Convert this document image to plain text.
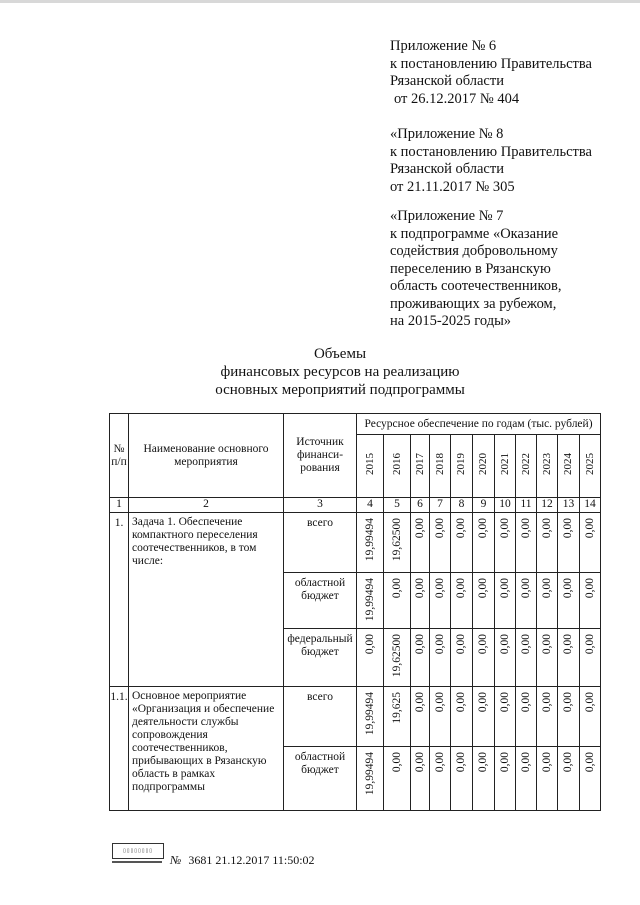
Приложение № 6
к постановлению Правительства
Рязанской области
от 26.12.2017 № 404
«Приложение № 8
к постановлению Правительства
Рязанской области
от 21.11.2017 № 305
«Приложение № 7
к подпрограмме «Оказание
содействия добровольному
переселению в Рязанскую
область соотечественников,
проживающих за рубежом,
на 2015-2025 годы»
Объемы
финансовых ресурсов на реализацию
основных мероприятий подпрограммы
№ п/п	Наименование основного мероприятия	Источник финанси-рования	Ресурсное обеспечение по годам (тыс. рублей)										
			2015	2016	2017	2018	2019	2020	2021	2022	2023	2024	2025
1	2	3	4	5	6	7	8	9	10	11	12	13	14
1.	Задача 1. Обеспечение компактного переселения соотечественников, в том числе:	всего	19,99494	19,62500	0,00	0,00	0,00	0,00	0,00	0,00	0,00	0,00	0,00
		областной бюджет	19,99494	0,00	0,00	0,00	0,00	0,00	0,00	0,00	0,00	0,00	0,00
		федеральный бюджет	0,00	19,62500	0,00	0,00	0,00	0,00	0,00	0,00	0,00	0,00	0,00
1.1.	Основное мероприятие «Организация и обеспечение деятельности службы сопровождения соотечественников, прибывающих в Рязанскую область в рамках подпрограммы	всего	19,99494	19,625	0,00	0,00	0,00	0,00	0,00	0,00	0,00	0,00	0,00
		областной бюджет	19,99494	0,00	0,00	0,00	0,00	0,00	0,00	0,00	0,00	0,00	0,00
▯▯▯▯▯▯▯▯
№ 3681 21.12.2017 11:50:02
